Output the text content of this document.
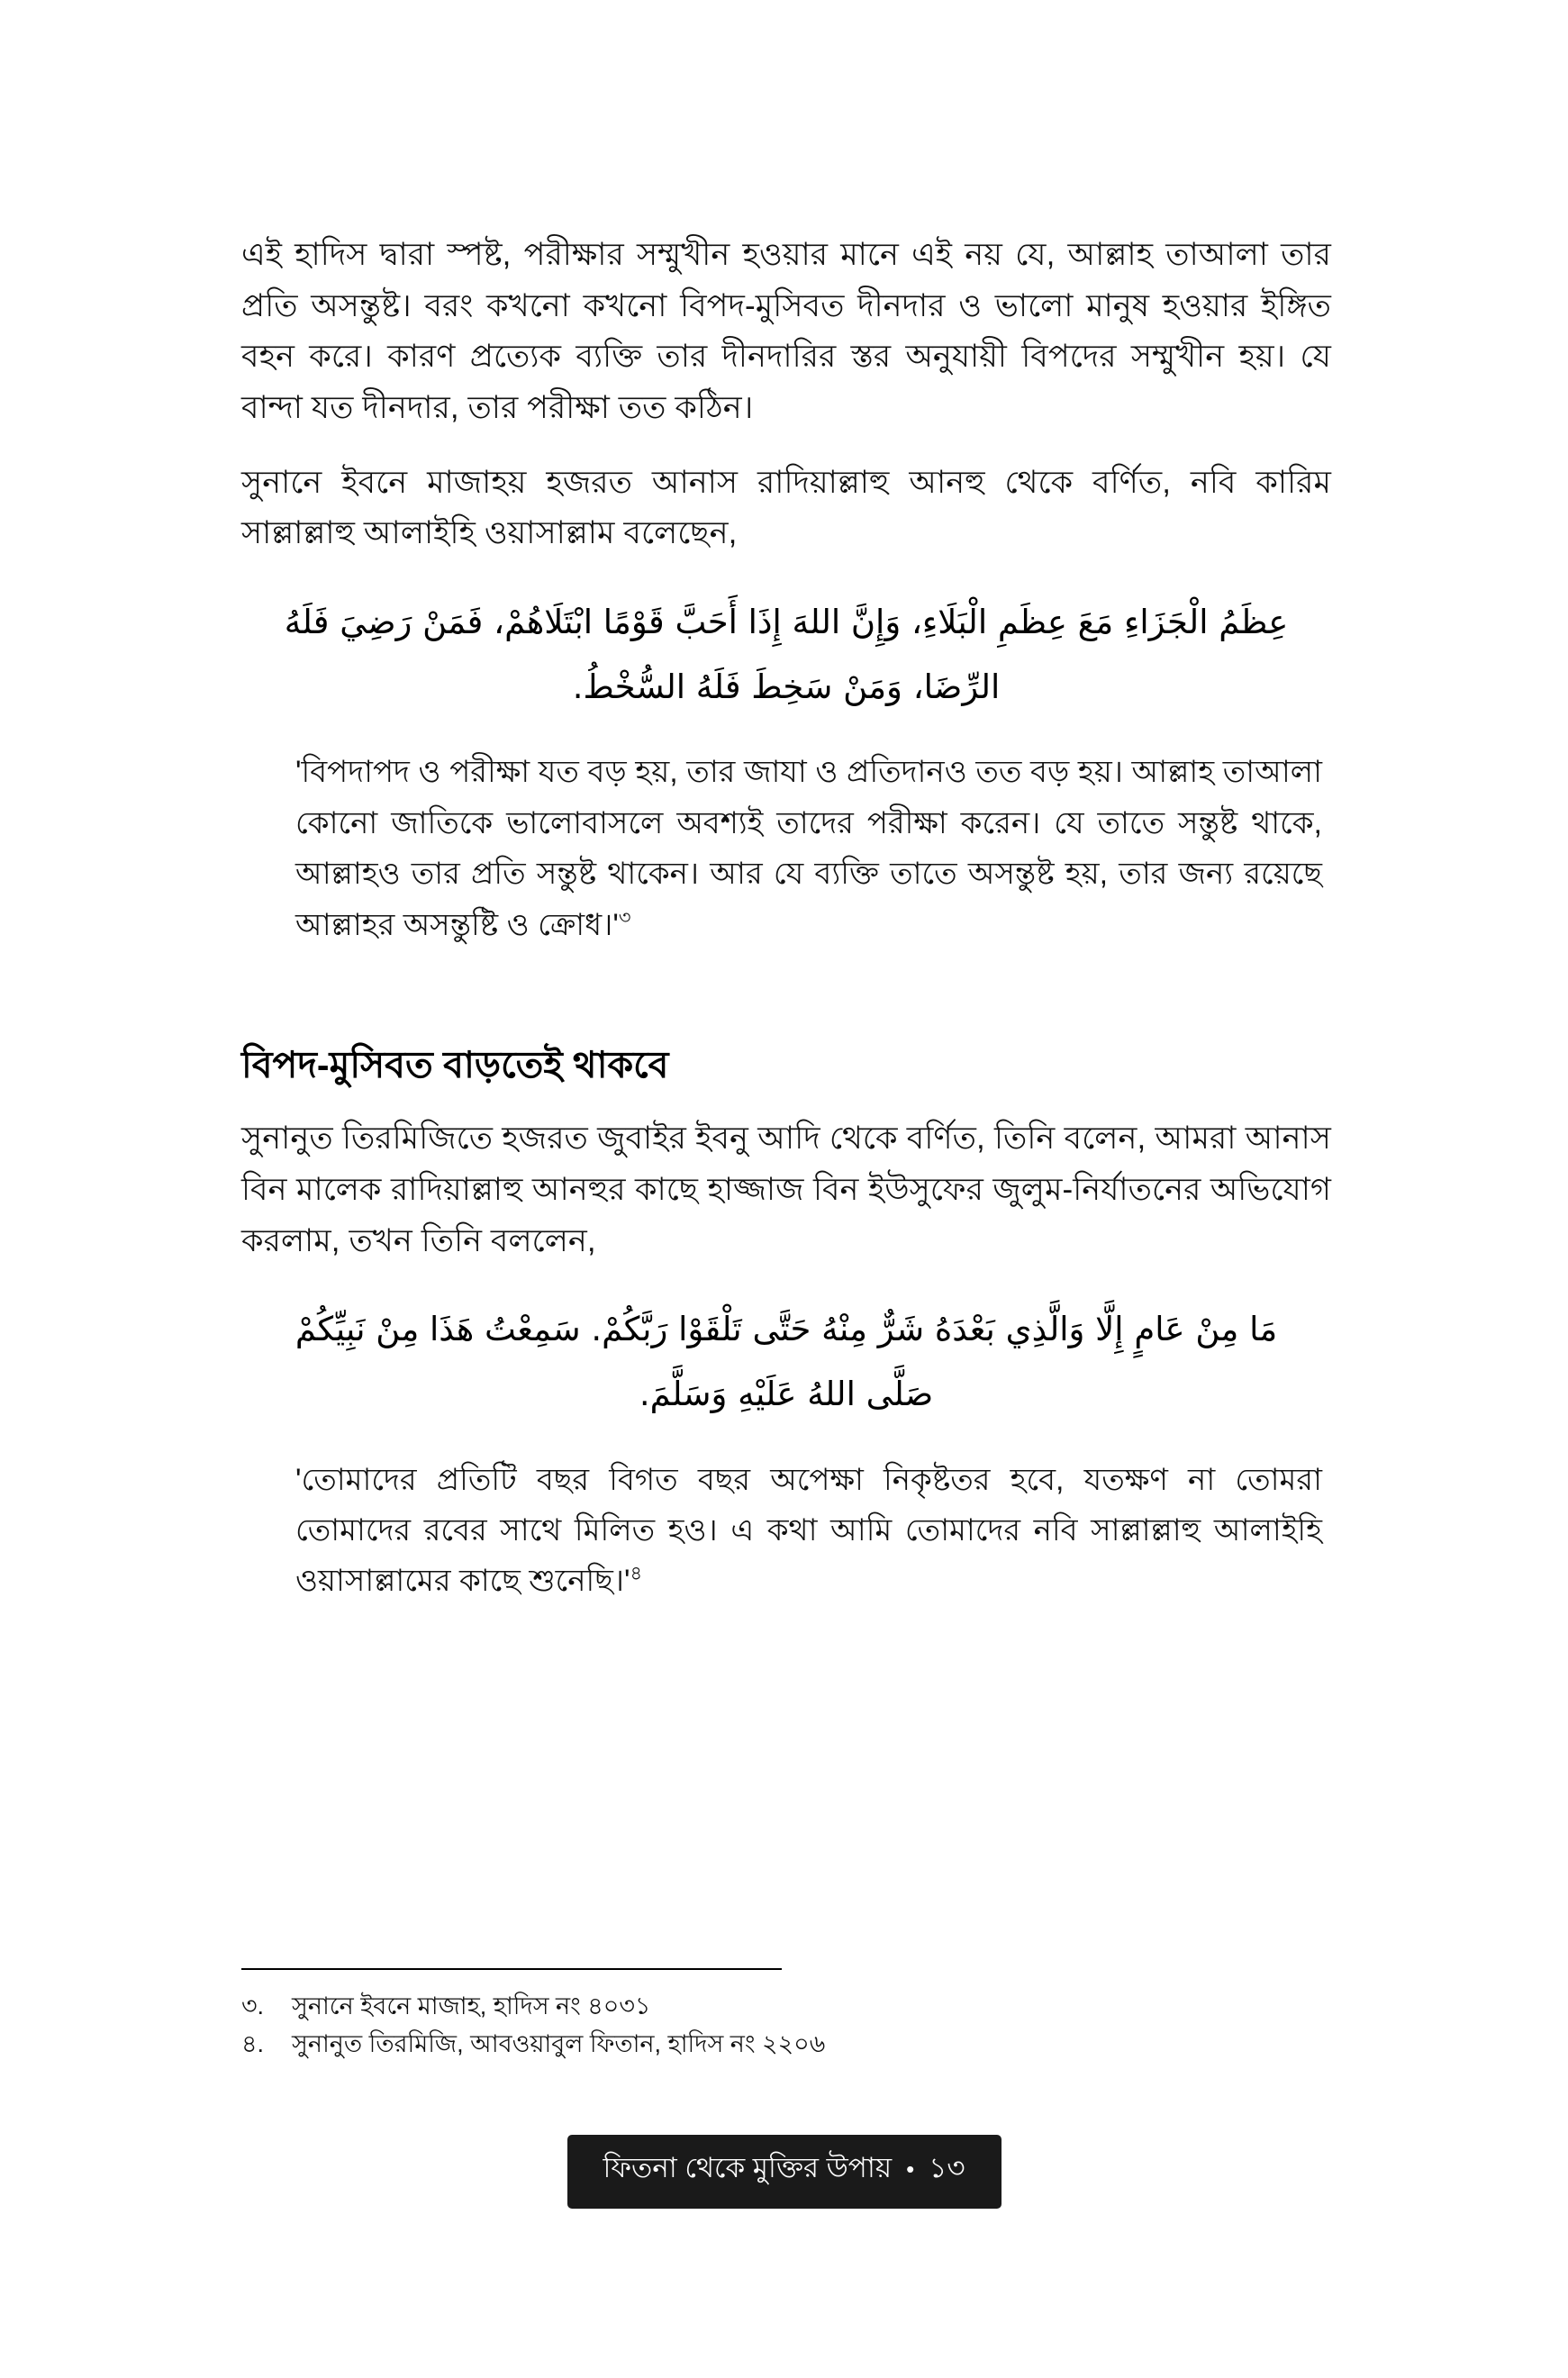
এই হাদিস দ্বারা স্পষ্ট, পরীক্ষার সম্মুখীন হওয়ার মানে এই নয় যে, আল্লাহ তাআলা তার প্রতি অসন্তুষ্ট। বরং কখনো কখনো বিপদ-মুসিবত দীনদার ও ভালো মানুষ হওয়ার ইঙ্গিত বহন করে। কারণ প্রত্যেক ব্যক্তি তার দীনদারির স্তর অনুযায়ী বিপদের সম্মুখীন হয়। যে বান্দা যত দীনদার, তার পরীক্ষা তত কঠিন।

সুনানে ইবনে মাজাহয় হজরত আনাস রাদিয়াল্লাহু আনহু থেকে বর্ণিত, নবি কারিম সাল্লাল্লাহু আলাইহি ওয়াসাল্লাম বলেছেন,

عِظَمُ الْجَزَاءِ مَعَ عِظَمِ الْبَلَاءِ، وَإِنَّ اللهَ إِذَا أَحَبَّ قَوْمًا ابْتَلَاهُمْ، فَمَنْ رَضِيَ فَلَهُ الرِّضَا، وَمَنْ سَخِطَ فَلَهُ السُّخْطُ.

'বিপদাপদ ও পরীক্ষা যত বড় হয়, তার জাযা ও প্রতিদানও তত বড় হয়। আল্লাহ তাআলা কোনো জাতিকে ভালোবাসলে অবশ্যই তাদের পরীক্ষা করেন। যে তাতে সন্তুষ্ট থাকে, আল্লাহও তার প্রতি সন্তুষ্ট থাকেন। আর যে ব্যক্তি তাতে অসন্তুষ্ট হয়, তার জন্য রয়েছে আল্লাহর অসন্তুষ্টি ও $ক্রোধ।'^৩$

বিপদ-মুসিবত বাড়তেই থাকবে

সুনানুত তিরমিজিতে হজরত জুবাইর ইবনু আদি থেকে বর্ণিত, তিনি বলেন, আমরা আনাস বিন মালেক রাদিয়াল্লাহু আনহুর কাছে হাজ্জাজ বিন ইউসুফের জুলুম-নির্যাতনের অভিযোগ করলাম, তখন তিনি বললেন,

مَا مِنْ عَامٍ إِلَّا وَالَّذِي بَعْدَهُ شَرٌّ مِنْهُ حَتَّى تَلْقَوْا رَبَّكُمْ. سَمِعْتُ هَذَا مِنْ نَبِيِّكُمْ صَلَّى اللهُ عَلَيْهِ وَسَلَّمَ.

'তোমাদের প্রতিটি বছর বিগত বছর অপেক্ষা নিকৃষ্টতর হবে, যতক্ষণ না তোমরা তোমাদের রবের সাথে মিলিত হও। এ কথা আমি তোমাদের নবি সাল্লাল্লাহু আলাইহি ওয়াসাল্লামের কাছে $শুনেছি।'^৪$

৩.	সুনানে ইবনে মাজাহ, হাদিস নং ৪০৩১
৪.	সুনানুত তিরমিজি, আবওয়াবুল ফিতান, হাদিস নং ২২০৬
ফিতনা থেকে মুক্তির উপায় • ১৩
